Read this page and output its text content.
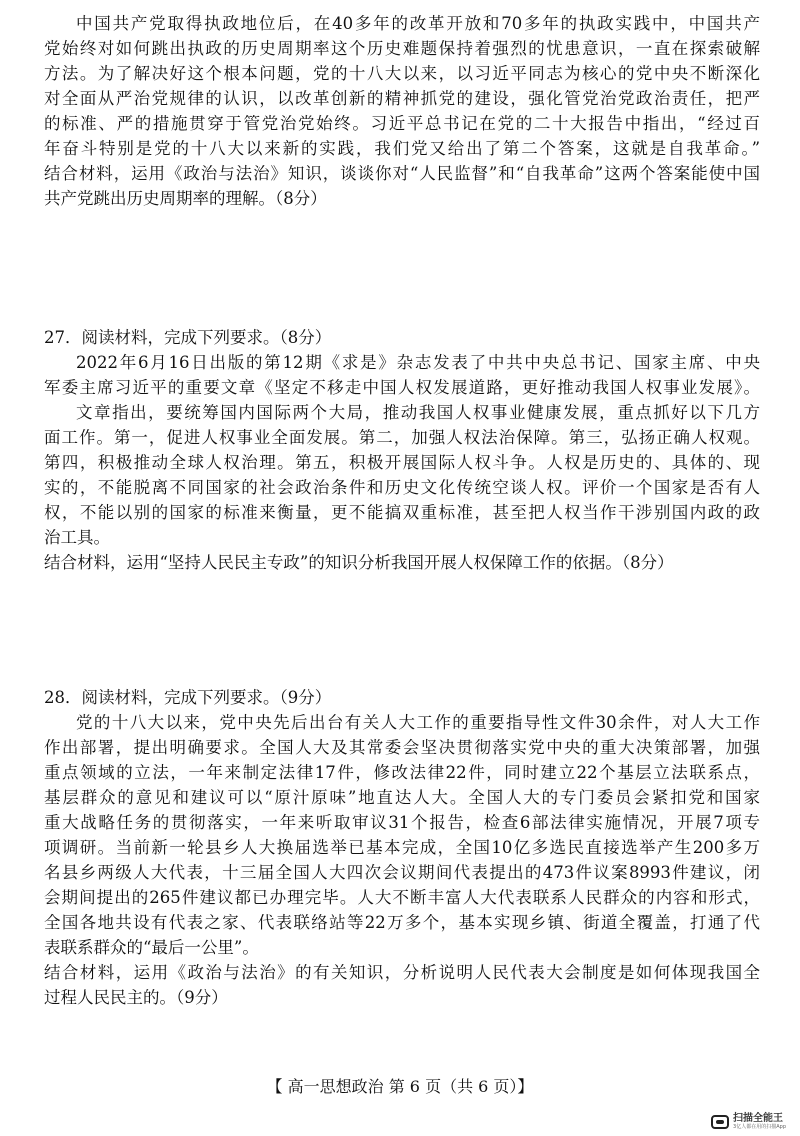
中国共产党取得执政地位后，在40多年的改革开放和70多年的执政实践中，中国共产
党始终对如何跳出执政的历史周期率这个历史难题保持着强烈的忧患意识，一直在探索破解
方法。为了解决好这个根本问题，党的十八大以来，以习近平同志为核心的党中央不断深化
对全面从严治党规律的认识，以改革创新的精神抓党的建设，强化管党治党政治责任，把严
的标准、严的措施贯穿于管党治党始终。习近平总书记在党的二十大报告中指出，“经过百
年奋斗特别是党的十八大以来新的实践，我们党又给出了第二个答案，这就是自我革命。”
结合材料，运用《政治与法治》知识，谈谈你对“人民监督”和“自我革命”这两个答案能使中国
共产党跳出历史周期率的理解。（8分）
27．阅读材料，完成下列要求。（8分）
2022年6月16日出版的第12期《求是》杂志发表了中共中央总书记、国家主席、中央
军委主席习近平的重要文章《坚定不移走中国人权发展道路，更好推动我国人权事业发展》。
文章指出，要统筹国内国际两个大局，推动我国人权事业健康发展，重点抓好以下几方
面工作。第一，促进人权事业全面发展。第二，加强人权法治保障。第三，弘扬正确人权观。
第四，积极推动全球人权治理。第五，积极开展国际人权斗争。人权是历史的、具体的、现
实的，不能脱离不同国家的社会政治条件和历史文化传统空谈人权。评价一个国家是否有人
权，不能以别的国家的标准来衡量，更不能搞双重标准，甚至把人权当作干涉别国内政的政
治工具。
结合材料，运用“坚持人民民主专政”的知识分析我国开展人权保障工作的依据。（8分）
28．阅读材料，完成下列要求。（9分）
党的十八大以来，党中央先后出台有关人大工作的重要指导性文件30余件，对人大工作
作出部署，提出明确要求。全国人大及其常委会坚决贯彻落实党中央的重大决策部署，加强
重点领域的立法，一年来制定法律17件，修改法律22件，同时建立22个基层立法联系点，
基层群众的意见和建议可以“原汁原味”地直达人大。全国人大的专门委员会紧扣党和国家
重大战略任务的贯彻落实，一年来听取审议31个报告，检查6部法律实施情况，开展7项专
项调研。当前新一轮县乡人大换届选举已基本完成，全国10亿多选民直接选举产生200多万
名县乡两级人大代表，十三届全国人大四次会议期间代表提出的473件议案8993件建议，闭
会期间提出的265件建议都已办理完毕。人大不断丰富人大代表联系人民群众的内容和形式，
全国各地共设有代表之家、代表联络站等22万多个，基本实现乡镇、街道全覆盖，打通了代
表联系群众的“最后一公里”。
结合材料，运用《政治与法治》的有关知识，分析说明人民代表大会制度是如何体现我国全
过程人民民主的。（9分）
【 高一思想政治 第 6 页（共 6 页）】
扫描全能王
3亿人都在用的扫描App
